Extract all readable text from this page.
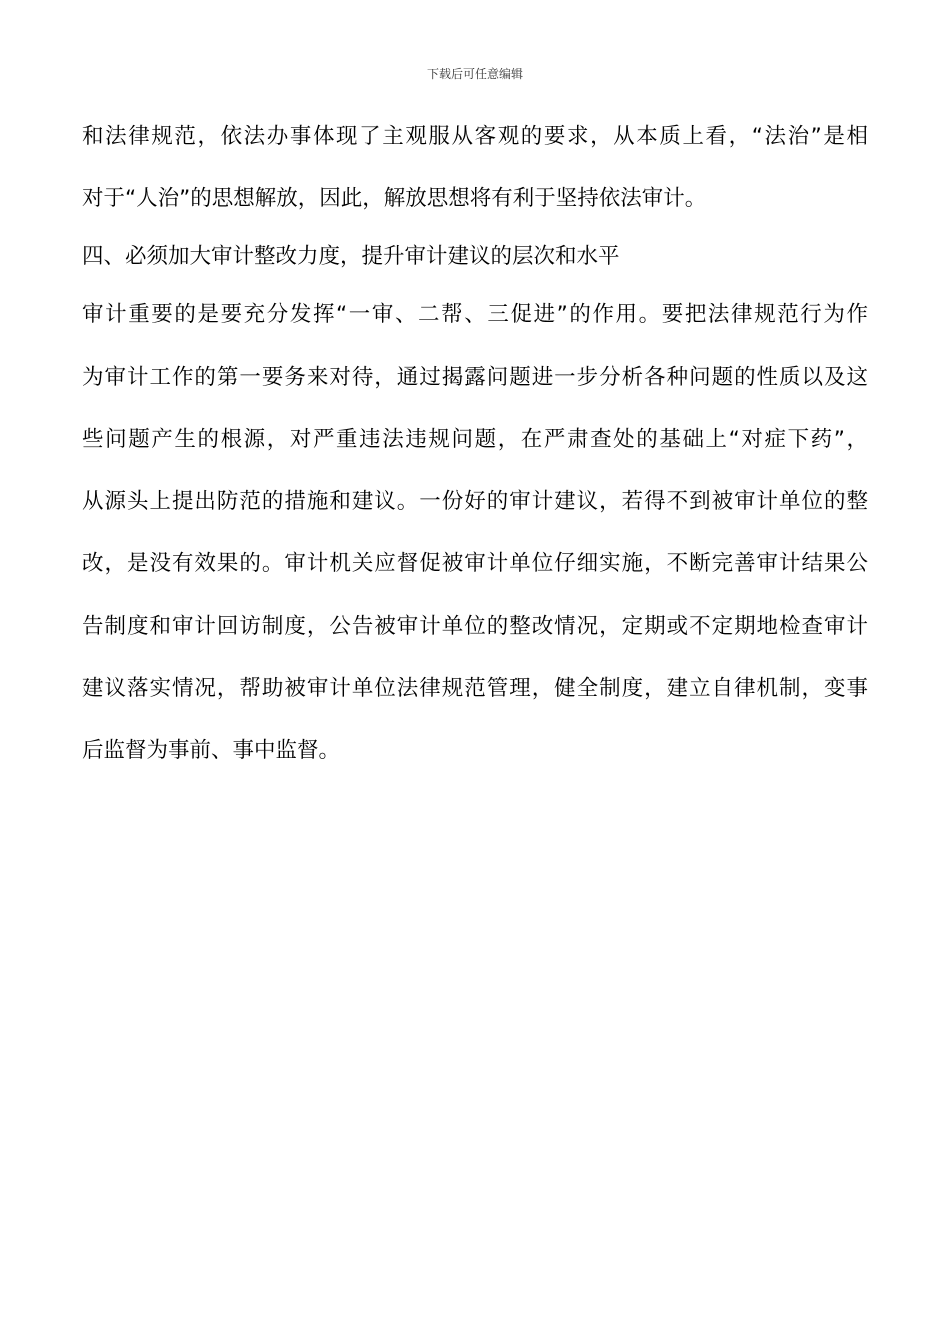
下载后可任意编辑
和法律规范，依法办事体现了主观服从客观的要求，从本质上看，“法治”是相
对于“人治”的思想解放，因此，解放思想将有利于坚持依法审计。
四、必须加大审计整改力度，提升审计建议的层次和水平
审计重要的是要充分发挥“一审、二帮、三促进”的作用。要把法律规范行为作
为审计工作的第一要务来对待，通过揭露问题进一步分析各种问题的性质以及这
些问题产生的根源，对严重违法违规问题，在严肃查处的基础上“对症下药”，
从源头上提出防范的措施和建议。一份好的审计建议，若得不到被审计单位的整
改，是没有效果的。审计机关应督促被审计单位仔细实施，不断完善审计结果公
告制度和审计回访制度，公告被审计单位的整改情况，定期或不定期地检查审计
建议落实情况，帮助被审计单位法律规范管理，健全制度，建立自律机制，变事
后监督为事前、事中监督。
